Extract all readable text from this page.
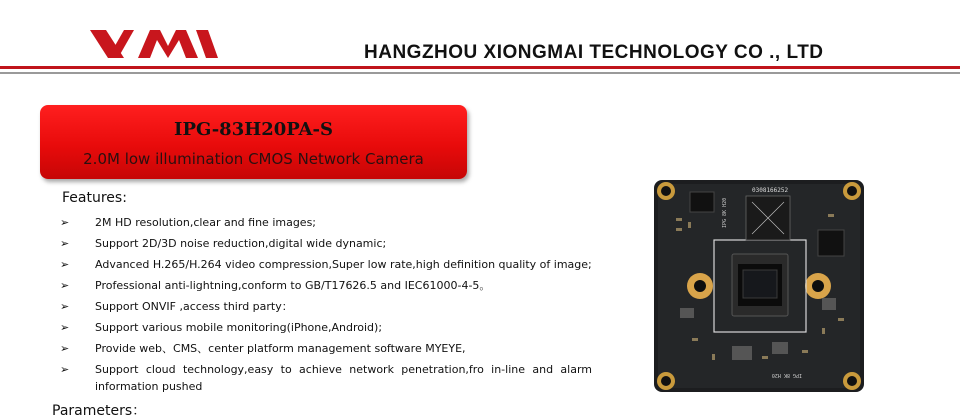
HANGZHOU XIONGMAI TECHNOLOGY CO ., LTD
IPG-83H20PA-S
2.0M low illumination CMOS Network Camera
Features:
➢	2M HD resolution,clear and fine images;
➢	Support 2D/3D noise reduction,digital wide dynamic;
➢	Advanced H.265/H.264 video compression,Super low rate,high definition quality of image;
➢	Professional anti-lightning,conform to GB/T17626.5 and IEC61000-4-5。
➢	Support ONVIF ,access third party：
➢	Support various mobile monitoring(iPhone,Android);
➢	Provide web、CMS、center platform management software MYEYE,
➢	Support cloud technology,easy to achieve network penetration,fro in-line and alarm
information pushed
Parameters：
0308166252
IPG 8K H20
IPG 8K H20
